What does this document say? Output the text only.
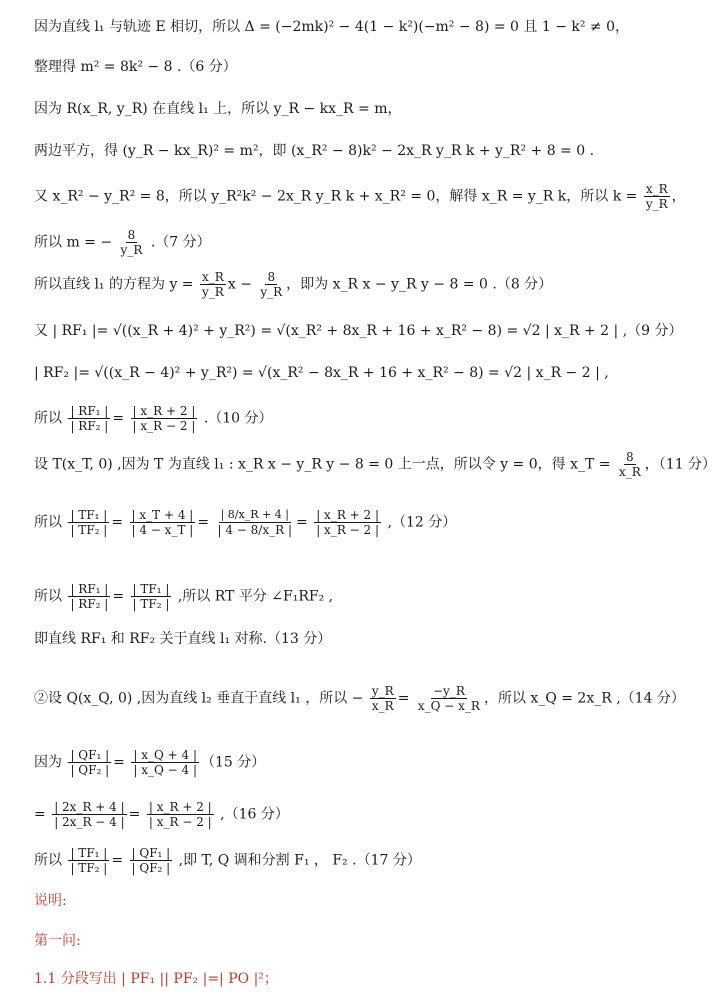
因为直线 l₁ 与轨迹 E 相切，所以 Δ = (−2mk)² − 4(1 − k²)(−m² − 8) = 0 且 1 − k² ≠ 0，
整理得 m² = 8k² − 8 .（6 分）
因为 R(x_R, y_R) 在直线 l₁ 上，所以 y_R − kx_R = m，
两边平方，得 (y_R − kx_R)² = m²，即 (x_R² − 8)k² − 2x_R y_R k + y_R² + 8 = 0 .
又 x_R² − y_R² = 8，所以 y_R²k² − 2x_R y_R k + x_R² = 0，解得 x_R = y_R k，所以 $k = \frac{x\_R}{y\_R}$ ，
所以 m = − $\frac{8}{y\_R} .(7$ 分）
所以直线 l₁ 的方程为 $y = \frac{x\_R}{y\_R}$ $x - \frac{8}{y\_R}$ ，即为 x_R x − y_R y − 8 = 0 .（8 分）
又 | RF₁ |= √((x_R + 4)² + y_R²) = √(x_R² + 8x_R + 16 + x_R² − 8) = √2 | x_R + 2 | ,（9 分）
| RF₂ |= √((x_R − 4)² + y_R²) = √(x_R² − 8x_R + 16 + x_R² − 8) = √2 | x_R − 2 | ,
所以 $\frac{\text{| RF₁ |}}{\text{| RF₂ |}} = \frac{| x\_R + 2 |}{| x\_R - 2 |} .(10$ 分）
设 T(x_T, 0) ,因为 T 为直线 l₁ : x_R x − y_R y − 8 = 0 上一点，所以令 y = 0，得 x_T = $\frac{8}{x\_R}$ ，（11 分）
所以 $\frac{\text{| TF₁ |}}{\text{| TF₂ |}} = \frac{| x\_T + 4 |}{| 4 - x\_T |} = \frac{| 8/x\_R + 4 |}{| 4 - 8/x\_R |} = \frac{| x\_R + 2 |}{| x\_R - 2 |} ,(12$ 分）
所以 $\frac{\text{| RF₁ |}}{\text{| RF₂ |}} = \frac{\text{| TF₁ |}}{\text{| TF₂ |}}$ ,所以 RT 平分 ∠F₁RF₂ ,
即直线 RF₁ 和 RF₂ 关于直线 l₁ 对称.（13 分）
②设 Q(x_Q, 0) ,因为直线 l₂ 垂直于直线 l₁ ，所以 − $\frac{y\_R}{x\_R} = \frac{-y\_R}{x\_Q - x\_R}$ ，所以 x_Q = 2x_R ,（14 分）
因为 $\frac{\text{| QF₁ |}}{\text{| QF₂ |}} = \frac{| x\_Q + 4 |}{| x\_Q - 4 |} (15$ 分）
= $\frac{| 2x\_R + 4 |}{| 2x\_R - 4 |} = \frac{| x\_R + 2 |}{| x\_R - 2 |} ,(16$ 分）
所以 $\frac{\text{| TF₁ |}}{\text{| TF₂ |}} = \frac{\text{| QF₁ |}}{\text{| QF₂ |}}$ ,即 T, Q 调和分割 F₁ ， F₂ .（17 分）
说明:
第一问:
1.1 分段写出 | PF₁ || PF₂ |=| PO |²；
